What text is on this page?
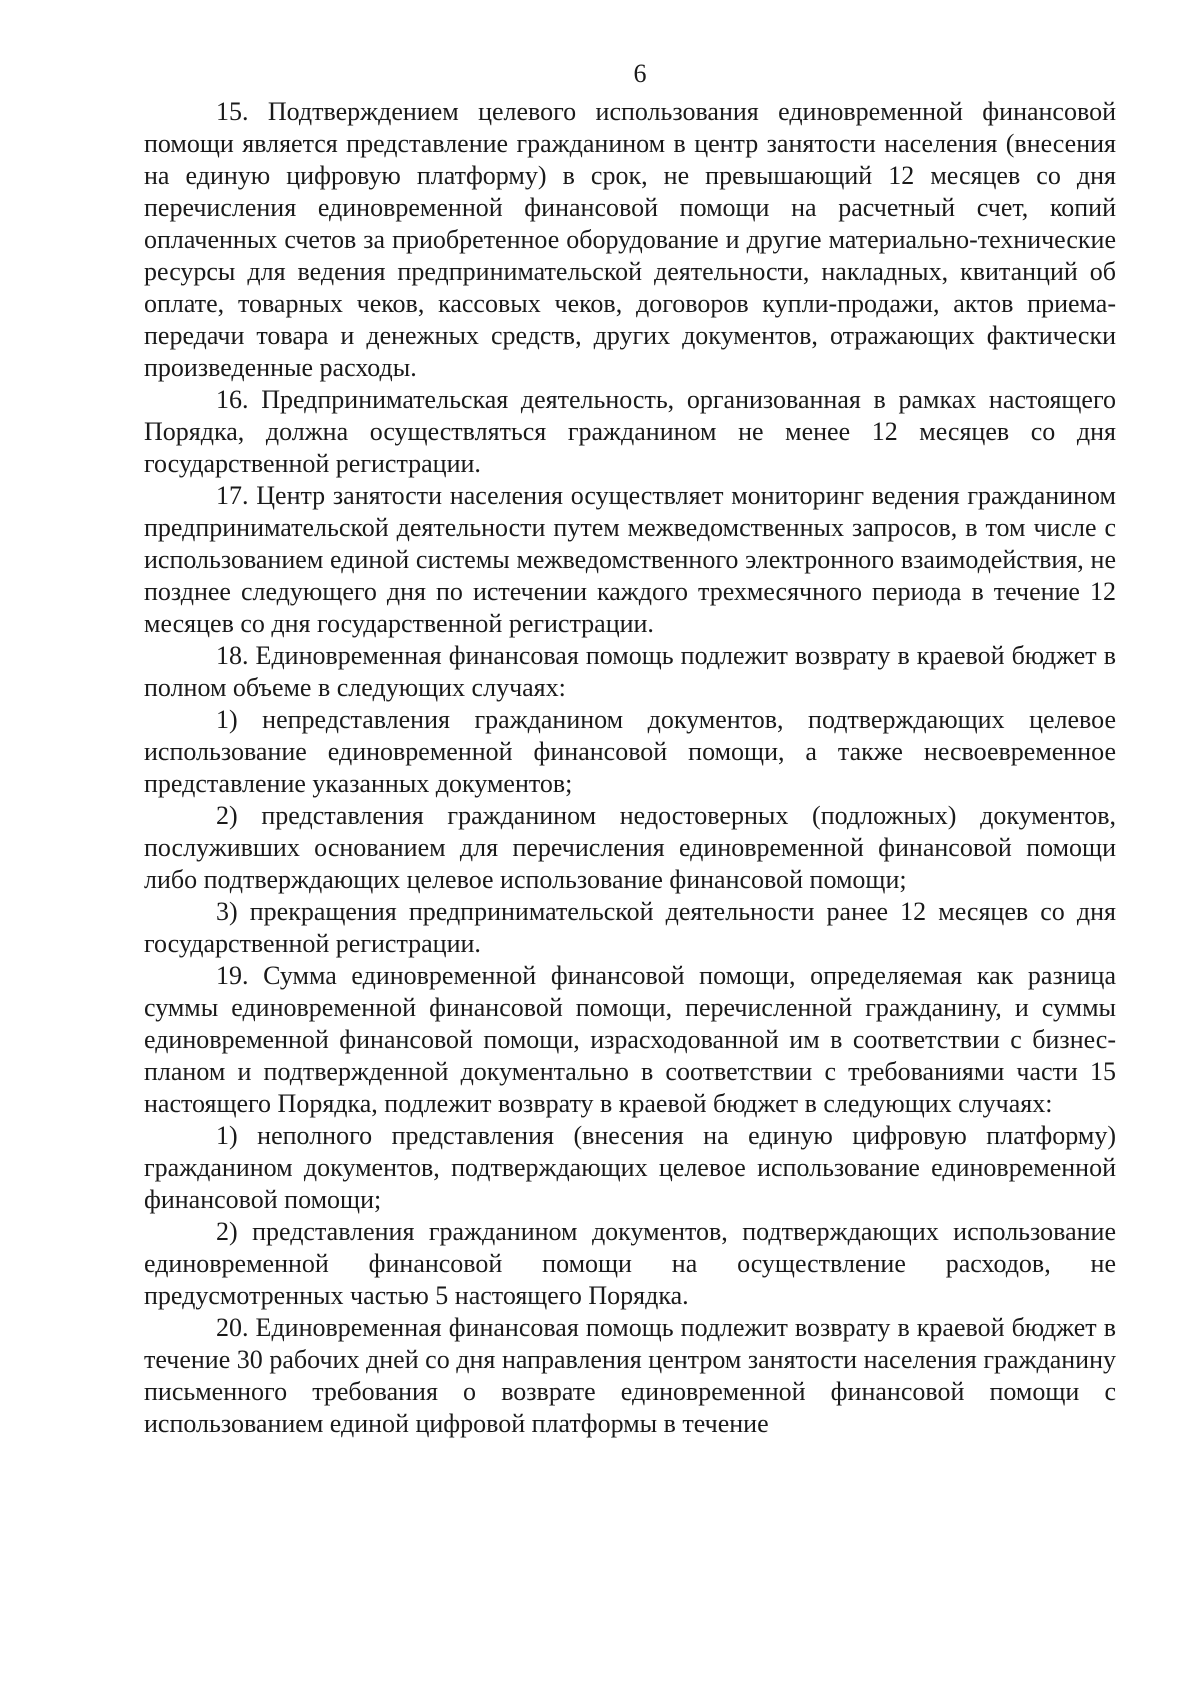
6

15. Подтверждением целевого использования единовременной финансовой помощи является представление гражданином в центр занятости населения (внесения на единую цифровую платформу) в срок, не превышающий 12 месяцев со дня перечисления единовременной финансовой помощи на расчетный счет, копий оплаченных счетов за приобретенное оборудование и другие материально-технические ресурсы для ведения предпринимательской деятельности, накладных, квитанций об оплате, товарных чеков, кассовых чеков, договоров купли-продажи, актов приема-передачи товара и денежных средств, других документов, отражающих фактически произведенные расходы.

16. Предпринимательская деятельность, организованная в рамках настоящего Порядка, должна осуществляться гражданином не менее 12 месяцев со дня государственной регистрации.

17. Центр занятости населения осуществляет мониторинг ведения гражданином предпринимательской деятельности путем межведомственных запросов, в том числе с использованием единой системы межведомственного электронного взаимодействия, не позднее следующего дня по истечении каждого трехмесячного периода в течение 12 месяцев со дня государственной регистрации.

18. Единовременная финансовая помощь подлежит возврату в краевой бюджет в полном объеме в следующих случаях:

1) непредставления гражданином документов, подтверждающих целевое использование единовременной финансовой помощи, а также несвоевременное представление указанных документов;

2) представления гражданином недостоверных (подложных) документов, послуживших основанием для перечисления единовременной финансовой помощи либо подтверждающих целевое использование финансовой помощи;

3) прекращения предпринимательской деятельности ранее 12 месяцев со дня государственной регистрации.

19. Сумма единовременной финансовой помощи, определяемая как разница суммы единовременной финансовой помощи, перечисленной гражданину, и суммы единовременной финансовой помощи, израсходованной им в соответствии с бизнес-планом и подтвержденной документально в соответствии с требованиями части 15 настоящего Порядка, подлежит возврату в краевой бюджет в следующих случаях:

1) неполного представления (внесения на единую цифровую платформу) гражданином документов, подтверждающих целевое использование единовременной финансовой помощи;

2) представления гражданином документов, подтверждающих использование единовременной финансовой помощи на осуществление расходов, не предусмотренных частью 5 настоящего Порядка.

20. Единовременная финансовая помощь подлежит возврату в краевой бюджет в течение 30 рабочих дней со дня направления центром занятости населения гражданину письменного требования о возврате единовременной финансовой помощи с использованием единой цифровой платформы в течение
